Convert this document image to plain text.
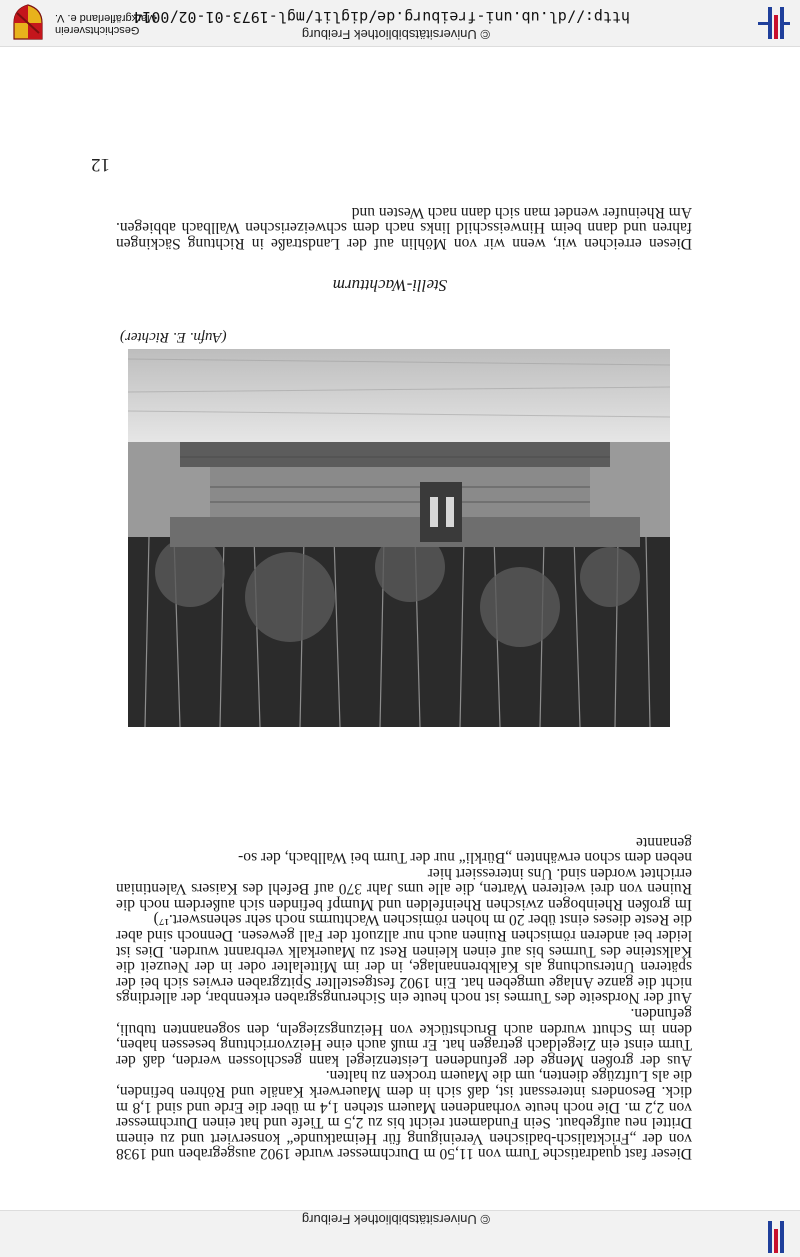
Geschichtsverein
Markgräflerland e. V.
© Universitätsbibliothek Freiburg
http://dl.ub.uni-freiburg.de/diglit/mgl-1973-01-02/0014
© Universitätsbibliothek Freiburg
12

Diesen erreichen wir, wenn wir von Möhlin auf der Landstraße in Richtung Säckingen fahren und dann beim Hinweisschild links nach dem schweizerischen Wallbach abbiegen. Am Rheinufer wendet man sich dann nach Westen und

Stelli-Wachtturm

(Aufn. E. Richter)

Dieser fast quadratische Turm von 11,50 m Durchmesser wurde 1902 ausgegraben und 1938 von der „Fricktalisch-badischen Vereinigung für Heimatkunde“ konserviert und zu einem Drittel neu aufgebaut. Sein Fundament reicht bis zu 2,5 m Tiefe und hat einen Durchmesser von 2,2 m. Die noch heute vorhandenen Mauern stehen 1,4 m über die Erde und sind 1,8 m dick. Besonders interessant ist, daß sich in dem Mauerwerk Kanäle und Röhren befinden, die als Luftzüge dienten, um die Mauern trocken zu halten.
Aus der großen Menge der gefundenen Leistenziegel kann geschlossen werden, daß der Turm einst ein Ziegeldach getragen hat. Er muß auch eine Heizvorrichtung besessen haben, denn im Schutt wurden auch Bruchstücke von Heizungsziegeln, den sogenannten tubuli, gefunden.
Auf der Nordseite des Turmes ist noch heute ein Sicherungsgraben erkennbar, der allerdings nicht die ganze Anlage umgeben hat. Ein 1902 festgestellter Spitzgraben erwies sich bei der späteren Untersuchung als Kalkbrennanlage, in der im Mittelalter oder in der Neuzeit die Kalksteine des Turmes bis auf einen kleinen Rest zu Mauerkalk verbrannt wurden. Dies ist leider bei anderen römischen Ruinen auch nur allzuoft der Fall gewesen. Dennoch sind aber die Reste dieses einst über 20 m hohen römischen Wachturms noch sehr sehenswert.¹⁷)
Im großen Rheinbogen zwischen Rheinfelden und Mumpf befinden sich außerdem noch die Ruinen von drei weiteren Warten, die alle ums Jahr 370 auf Befehl des Kaisers Valentinian errichtet worden sind. Uns interessiert hier
neben dem schon erwähnten „Bürkli“ nur der Turm bei Wallbach, der so-
genannte
